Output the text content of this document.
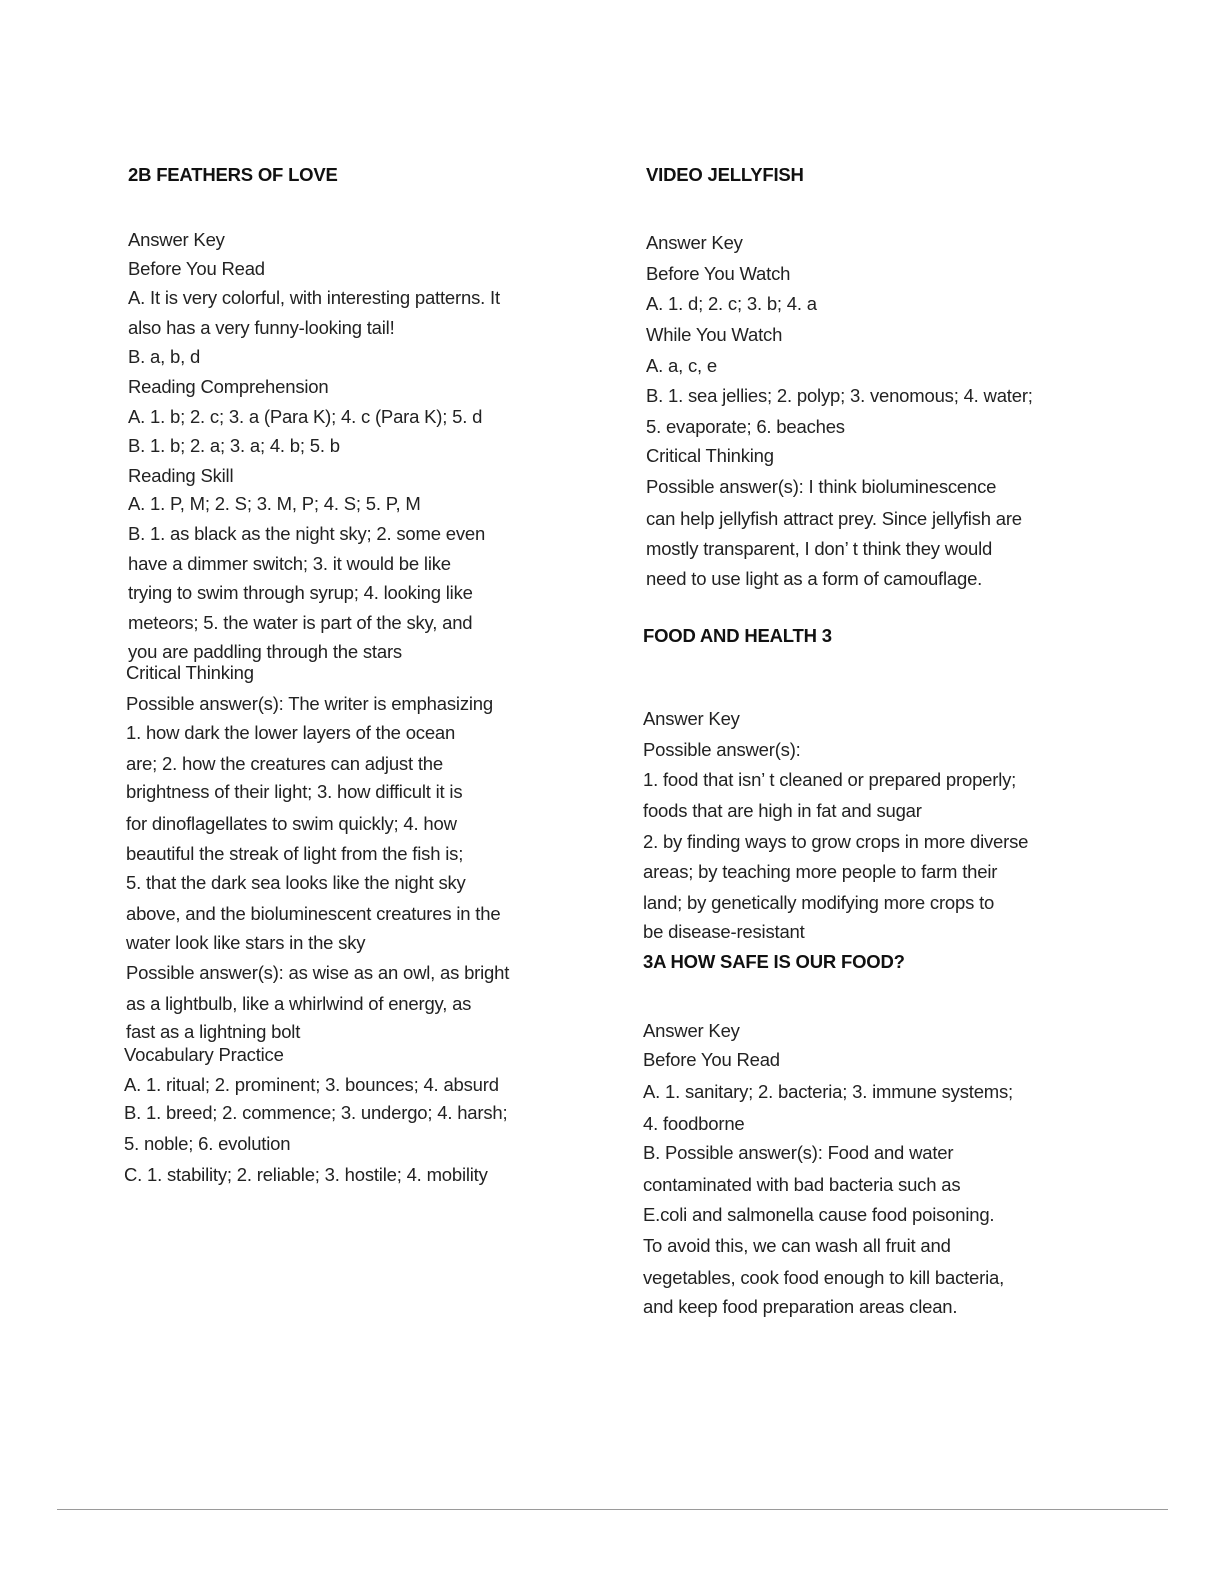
2B FEATHERS OF LOVE
Answer Key
Before You Read
A. It is very colorful, with interesting patterns. It
also has a very funny-looking tail!
B. a, b, d
Reading Comprehension
A. 1. b; 2. c; 3. a (Para K); 4. c (Para K); 5. d
B. 1. b; 2. a; 3. a; 4. b; 5. b
Reading Skill
A. 1. P, M; 2. S; 3. M, P; 4. S; 5. P, M
B. 1. as black as the night sky; 2. some even
have a dimmer switch; 3. it would be like
trying to swim through syrup; 4. looking like
meteors; 5. the water is part of the sky, and
you are paddling through the stars
Critical Thinking
Possible answer(s): The writer is emphasizing
1. how dark the lower layers of the ocean
are; 2. how the creatures can adjust the
brightness of their light; 3. how difficult it is
for dinoflagellates to swim quickly; 4. how
beautiful the streak of light from the fish is;
5. that the dark sea looks like the night sky
above, and the bioluminescent creatures in the
water look like stars in the sky
Possible answer(s): as wise as an owl, as bright
as a lightbulb, like a whirlwind of energy, as
fast as a lightning bolt
Vocabulary Practice
A. 1. ritual; 2. prominent; 3. bounces; 4. absurd
B. 1. breed; 2. commence; 3. undergo; 4. harsh;
5. noble; 6. evolution
C. 1. stability; 2. reliable; 3. hostile; 4. mobility
VIDEO JELLYFISH
Answer Key
Before You Watch
A. 1. d; 2. c; 3. b; 4. a
While You Watch
A. a, c, e
B. 1. sea jellies; 2. polyp; 3. venomous; 4. water;
5. evaporate; 6. beaches
Critical Thinking
Possible answer(s): I think bioluminescence
can help jellyfish attract prey. Since jellyfish are
mostly transparent, I don’ t think they would
need to use light as a form of camouflage.
FOOD AND HEALTH 3
Answer Key
Possible answer(s):
1. food that isn’ t cleaned or prepared properly;
foods that are high in fat and sugar
2. by finding ways to grow crops in more diverse
areas; by teaching more people to farm their
land; by genetically modifying more crops to
be disease-resistant
3A HOW SAFE IS OUR FOOD?
Answer Key
Before You Read
A. 1. sanitary; 2. bacteria; 3. immune systems;
4. foodborne
B. Possible answer(s): Food and water
contaminated with bad bacteria such as
E.coli and salmonella cause food poisoning.
To avoid this, we can wash all fruit and
vegetables, cook food enough to kill bacteria,
and keep food preparation areas clean.
